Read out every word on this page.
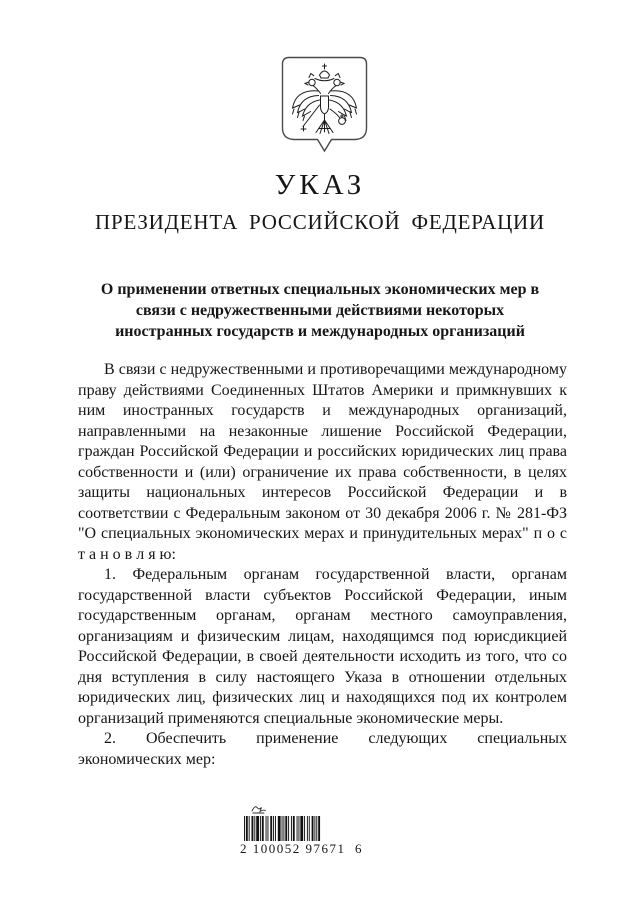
УКАЗ
ПРЕЗИДЕНТА РОССИЙСКОЙ ФЕДЕРАЦИИ
О применении ответных специальных экономических мер в связи с недружественными действиями некоторых иностранных государств и международных организаций

В связи с недружественными и противоречащими международному праву действиями Соединенных Штатов Америки и примкнувших к ним иностранных государств и международных организаций, направленными на незаконные лишение Российской Федерации, граждан Российской Федерации и российских юридических лиц права собственности и (или) ограничение их права собственности, в целях защиты национальных интересов Российской Федерации и в соответствии с Федеральным законом от 30 декабря 2006 г. № 281-ФЗ "О специальных экономических мерах и принудительных мерах" п о с т а н о в л я ю:

1. Федеральным органам государственной власти, органам государственной власти субъектов Российской Федерации, иным государственным органам, органам местного самоуправления, организациям и физическим лицам, находящимся под юрисдикцией Российской Федерации, в своей деятельности исходить из того, что со дня вступления в силу настоящего Указа в отношении отдельных юридических лиц, физических лиц и находящихся под их контролем организаций применяются специальные экономические меры.

2. Обеспечить применение следующих специальных экономических мер:

2 100052 97671  6
